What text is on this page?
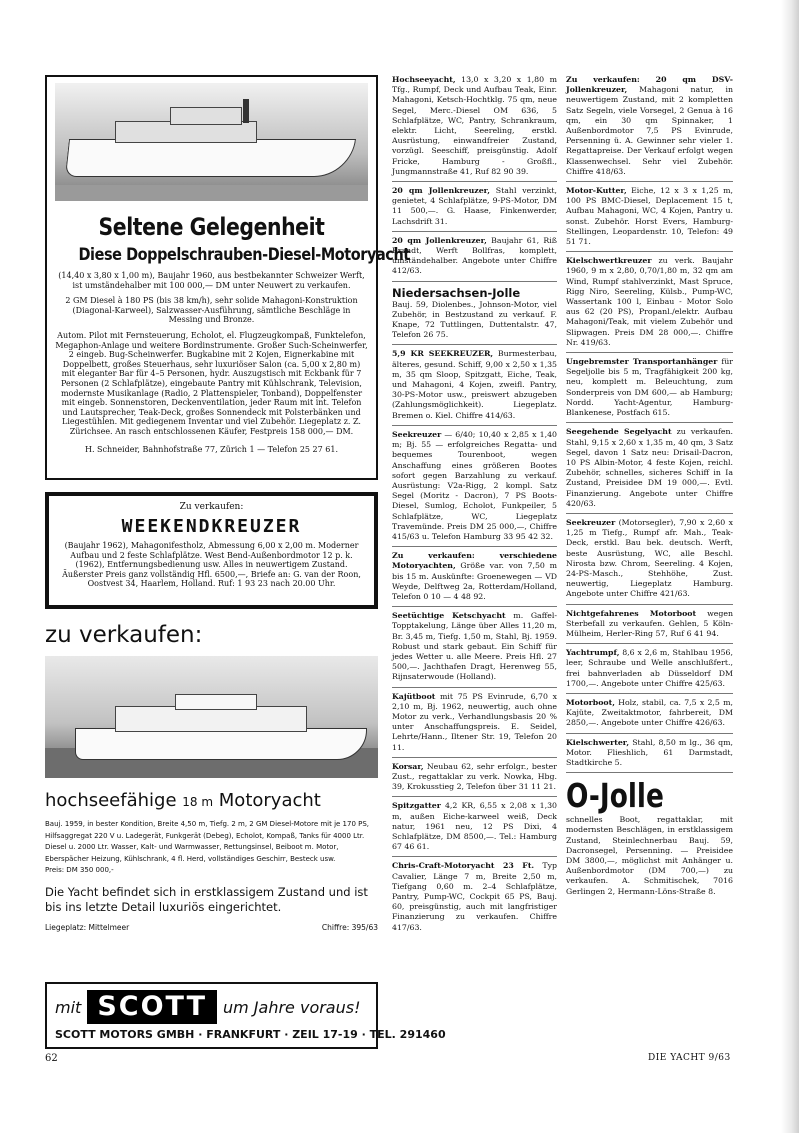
Seltene Gelegenheit
Diese Doppelschrauben-Diesel-Motoryacht

(14,40 x 3,80 x 1,00 m), Baujahr 1960, aus bestbekannter Schweizer Werft, ist umständehalber mit 100 000,— DM unter Neuwert zu verkaufen.

2 GM Diesel à 180 PS (bis 38 km/h), sehr solide Mahagoni-Konstruktion (Diagonal-Karweel), Salzwasser-Ausführung, sämtliche Beschläge in Messing und Bronze.

Autom. Pilot mit Fernsteuerung, Echolot, el. Flugzeugkompaß, Funktelefon, Megaphon-Anlage und weitere Bordinstrumente. Großer Such-Scheinwerfer, 2 eingeb. Bug-Scheinwerfer. Bugkabine mit 2 Kojen, Eignerkabine mit Doppelbett, großes Steuerhaus, sehr luxuriöser Salon (ca. 5,00 x 2,80 m) mit eleganter Bar für 4–5 Personen, hydr. Auszugstisch mit Eckbank für 7 Personen (2 Schlafplätze), eingebaute Pantry mit Kühlschrank, Television, modernste Musikanlage (Radio, 2 Plattenspieler, Tonband), Doppelfenster mit eingeb. Sonnenstoren, Deckenventilation, jeder Raum mit int. Telefon und Lautsprecher, Teak-Deck, großes Sonnendeck mit Polsterbänken und Liegestühlen. Mit gediegenem Inventar und viel Zubehör. Liegeplatz z. Z. Zürichsee. An rasch entschlossenen Käufer, Festpreis 158 000,— DM.

H. Schneider, Bahnhofstraße 77, Zürich 1 — Telefon 25 27 61.

Zu verkaufen:
WEEKENDKREUZER

(Baujahr 1962), Mahagonifestholz, Abmessung 6,00 x 2,00 m. Moderner Aufbau und 2 feste Schlafplätze. West Bend-Außenbordmotor 12 p. k. (1962), Entfernungsbedienung usw. Alles in neuwertigem Zustand. Äußerster Preis ganz vollständig Hfl. 6500,—, Briefe an: G. van der Roon, Oostvest 34, Haarlem, Holland. Ruf: 1 93 23 nach 20.00 Uhr.

zu verkaufen:
hochseefähige 18 m Motoryacht

Bauj. 1959, in bester Kondition, Breite 4,50 m, Tiefg. 2 m, 2 GM Diesel-Motore mit je 170 PS, Hilfsaggregat 220 V u. Ladegerät, Funkgerät (Debeg), Echolot, Kompaß, Tanks für 4000 Ltr. Diesel u. 2000 Ltr. Wasser, Kalt- und Warmwasser, Rettungsinsel, Beiboot m. Motor, Eberspächer Heizung, Kühlschrank, 4 fl. Herd, vollständiges Geschirr, Besteck usw.

Preis: DM 350 000,-

Die Yacht befindet sich in erstklassigem Zustand und ist bis ins letzte Detail luxuriös eingerichtet.

Liegeplatz: Mittelmeer	Chiffre: 395/63
mit SCOTT	um Jahre voraus!
SCOTT MOTORS GMBH · FRANKFURT · ZEIL 17-19 · TEL. 291460
Hochseeyacht, 13,0 x 3,20 x 1,80 m Tfg., Rumpf, Deck und Aufbau Teak, Einr. Mahagoni, Ketsch-Hochtklg. 75 qm, neue Segel, Merc.-Diesel OM 636, 5 Schlafplätze, WC, Pantry, Schrankraum, elektr. Licht, Seereling, erstkl. Ausrüstung, einwandfreier Zustand, vorzügl. Seeschiff, preisgünstig. Adolf Fricke, Hamburg - Großfl., Jungmannstraße 41, Ruf 82 90 39.
20 qm Jollenkreuzer, Stahl verzinkt, genietet, 4 Schlafplätze, 9-PS-Motor, DM 11 500,—. G. Haase, Finkenwerder, Lachsdrift 31.
20 qm Jollenkreuzer, Baujahr 61, Riß Brandt, Werft Bollfras, komplett, umständehalber. Angebote unter Chiffre 412/63.
Niedersachsen-Jolle
Bauj. 59, Diolenbes., Johnson-Motor, viel Zubehör, in Bestzustand zu verkauf. F. Knape, 72 Tuttlingen, Duttentalstr. 47, Telefon 26 75.
5,9 KR SEEKREUZER, Burmesterbau, älteres, gesund. Schiff, 9,00 x 2,50 x 1,35 m, 35 qm Sloop, Spitzgatt, Eiche, Teak, und Mahagoni, 4 Kojen, zweifl. Pantry, 30-PS-Motor usw., preiswert abzugeben (Zahlungsmöglichkeit). Liegeplatz. Bremen o. Kiel. Chiffre 414/63.
Seekreuzer — 6/40; 10,40 x 2,85 x 1,40 m; Bj. 55 — erfolgreiches Regatta- und bequemes Tourenboot, wegen Anschaffung eines größeren Bootes sofort gegen Barzahlung zu verkauf. Ausrüstung: V2a-Rigg, 2 kompl. Satz Segel (Moritz - Dacron), 7 PS Boots-Diesel, Sumlog, Echolot, Funkpeiler, 5 Schlafplätze, WC, Liegeplatz Travemünde. Preis DM 25 000,—, Chiffre 415/63 u. Telefon Hamburg 33 95 42 32.
Zu verkaufen: verschiedene Motoryachten, Größe var. von 7,50 m bis 15 m. Auskünfte: Groenewegen — VD Weyde, Delftweg 2a, Rotterdam/Holland, Telefon 0 10 — 4 48 92.
Seetüchtige Ketschyacht m. Gaffel-Topptakelung, Länge über Alles 11,20 m, Br. 3,45 m, Tiefg. 1,50 m, Stahl, Bj. 1959. Robust und stark gebaut. Ein Schiff für jedes Wetter u. alle Meere. Preis Hfl. 27 500,—. Jachthafen Dragt, Herenweg 55, Rijnsaterwoude (Holland).
Kajütboot mit 75 PS Evinrude, 6,70 x 2,10 m, Bj. 1962, neuwertig, auch ohne Motor zu verk., Verhandlungsbasis 20 % unter Anschaffungspreis. E. Seidel, Lehrte/Hann., Iltener Str. 19, Telefon 20 11.
Korsar, Neubau 62, sehr erfolgr., bester Zust., regattaklar zu verk. Nowka, Hbg. 39, Krokusstieg 2, Telefon über 31 11 21.
Spitzgatter 4,2 KR, 6,55 x 2,08 x 1,30 m, außen Eiche-karweel weiß, Deck natur, 1961 neu, 12 PS Dixi, 4 Schlafplätze, DM 8500,—. Tel.: Hamburg 67 46 61.
Chris-Craft-Motoryacht 23 Ft. Typ Cavalier, Länge 7 m, Breite 2,50 m, Tiefgang 0,60 m. 2–4 Schlafplätze, Pantry, Pump-WC, Cockpit 65 PS, Bauj. 60, preisgünstig, auch mit langfristiger Finanzierung zu verkaufen. Chiffre 417/63.
Zu verkaufen: 20 qm DSV-Jollenkreuzer, Mahagoni natur, in neuwertigem Zustand, mit 2 kompletten Satz Segeln, viele Vorsegel, 2 Genua à 16 qm, ein 30 qm Spinnaker, 1 Außenbordmotor 7,5 PS Evinrude, Persenning ü. A. Gewinner sehr vieler 1. Regattapreise. Der Verkauf erfolgt wegen Klassenwechsel. Sehr viel Zubehör. Chiffre 418/63.
Motor-Kutter, Eiche, 12 x 3 x 1,25 m, 100 PS BMC-Diesel, Deplacement 15 t, Aufbau Mahagoni, WC, 4 Kojen, Pantry u. sonst. Zubehör. Horst Evers, Hamburg-Stellingen, Leopardenstr. 10, Telefon: 49 51 71.
Kielschwertkreuzer zu verk. Baujahr 1960, 9 m x 2,80, 0,70/1,80 m, 32 qm am Wind, Rumpf stahlverzinkt, Mast Spruce, Rigg Niro, Seereling, Külsb., Pump-WC, Wassertank 100 l, Einbau - Motor Solo aus 62 (20 PS), Propanl./elektr. Aufbau Mahagoni/Teak, mit vielem Zubehör und Slipwagen. Preis DM 28 000,—. Chiffre Nr. 419/63.
Ungebremster Transportanhänger für Segeljolle bis 5 m, Tragfähigkeit 200 kg, neu, komplett m. Beleuchtung, zum Sonderpreis von DM 600,— ab Hamburg; Nordd. Yacht-Agentur, Hamburg-Blankenese, Postfach 615.
Seegehende Segelyacht zu verkaufen. Stahl, 9,15 x 2,60 x 1,35 m, 40 qm, 3 Satz Segel, davon 1 Satz neu: Drisail-Dacron, 10 PS Albin-Motor, 4 feste Kojen, reichl. Zubehör, schnelles, sicheres Schiff in Ia Zustand, Preisidee DM 19 000,—. Evtl. Finanzierung. Angebote unter Chiffre 420/63.
Seekreuzer (Motorsegler), 7,90 x 2,60 x 1,25 m Tiefg., Rumpf afr. Mah., Teak-Deck, erstkl. Bau bek. deutsch. Werft, beste Ausrüstung, WC, alle Beschl. Nirosta bzw. Chrom, Seereling. 4 Kojen, 24-PS-Masch., Stehhöhe, Zust. neuwertig, Liegeplatz Hamburg. Angebote unter Chiffre 421/63.
Nichtgefahrenes Motorboot wegen Sterbefall zu verkaufen. Gehlen, 5 Köln-Mülheim, Herler-Ring 57, Ruf 6 41 94.
Yachtrumpf, 8,6 x 2,6 m, Stahlbau 1956, leer, Schraube und Welle anschlußfert., frei bahnverladen ab Düsseldorf DM 1700,—. Angebote unter Chiffre 425/63.
Motorboot, Holz, stabil, ca. 7,5 x 2,5 m, Kajüte, Zweitaktmotor, fahrbereit, DM 2850,—. Angebote unter Chiffre 426/63.
Kielschwerter, Stahl, 8,50 m lg., 36 qm, Motor. Flieshlich, 61 Darmstadt, Stadtkirche 5.
O-Jolle
schnelles Boot, regattaklar, mit modernsten Beschlägen, in erstklassigem Zustand, Steinlechnerbau Bauj. 59, Dacronsegel, Persenning. — Preisidee DM 3800,—, möglichst mit Anhänger u. Außenbordmotor (DM 700,—) zu verkaufen. A. Schmitischek, 7016 Gerlingen 2, Hermann-Löns-Straße 8.
62	DIE YACHT 9/63
